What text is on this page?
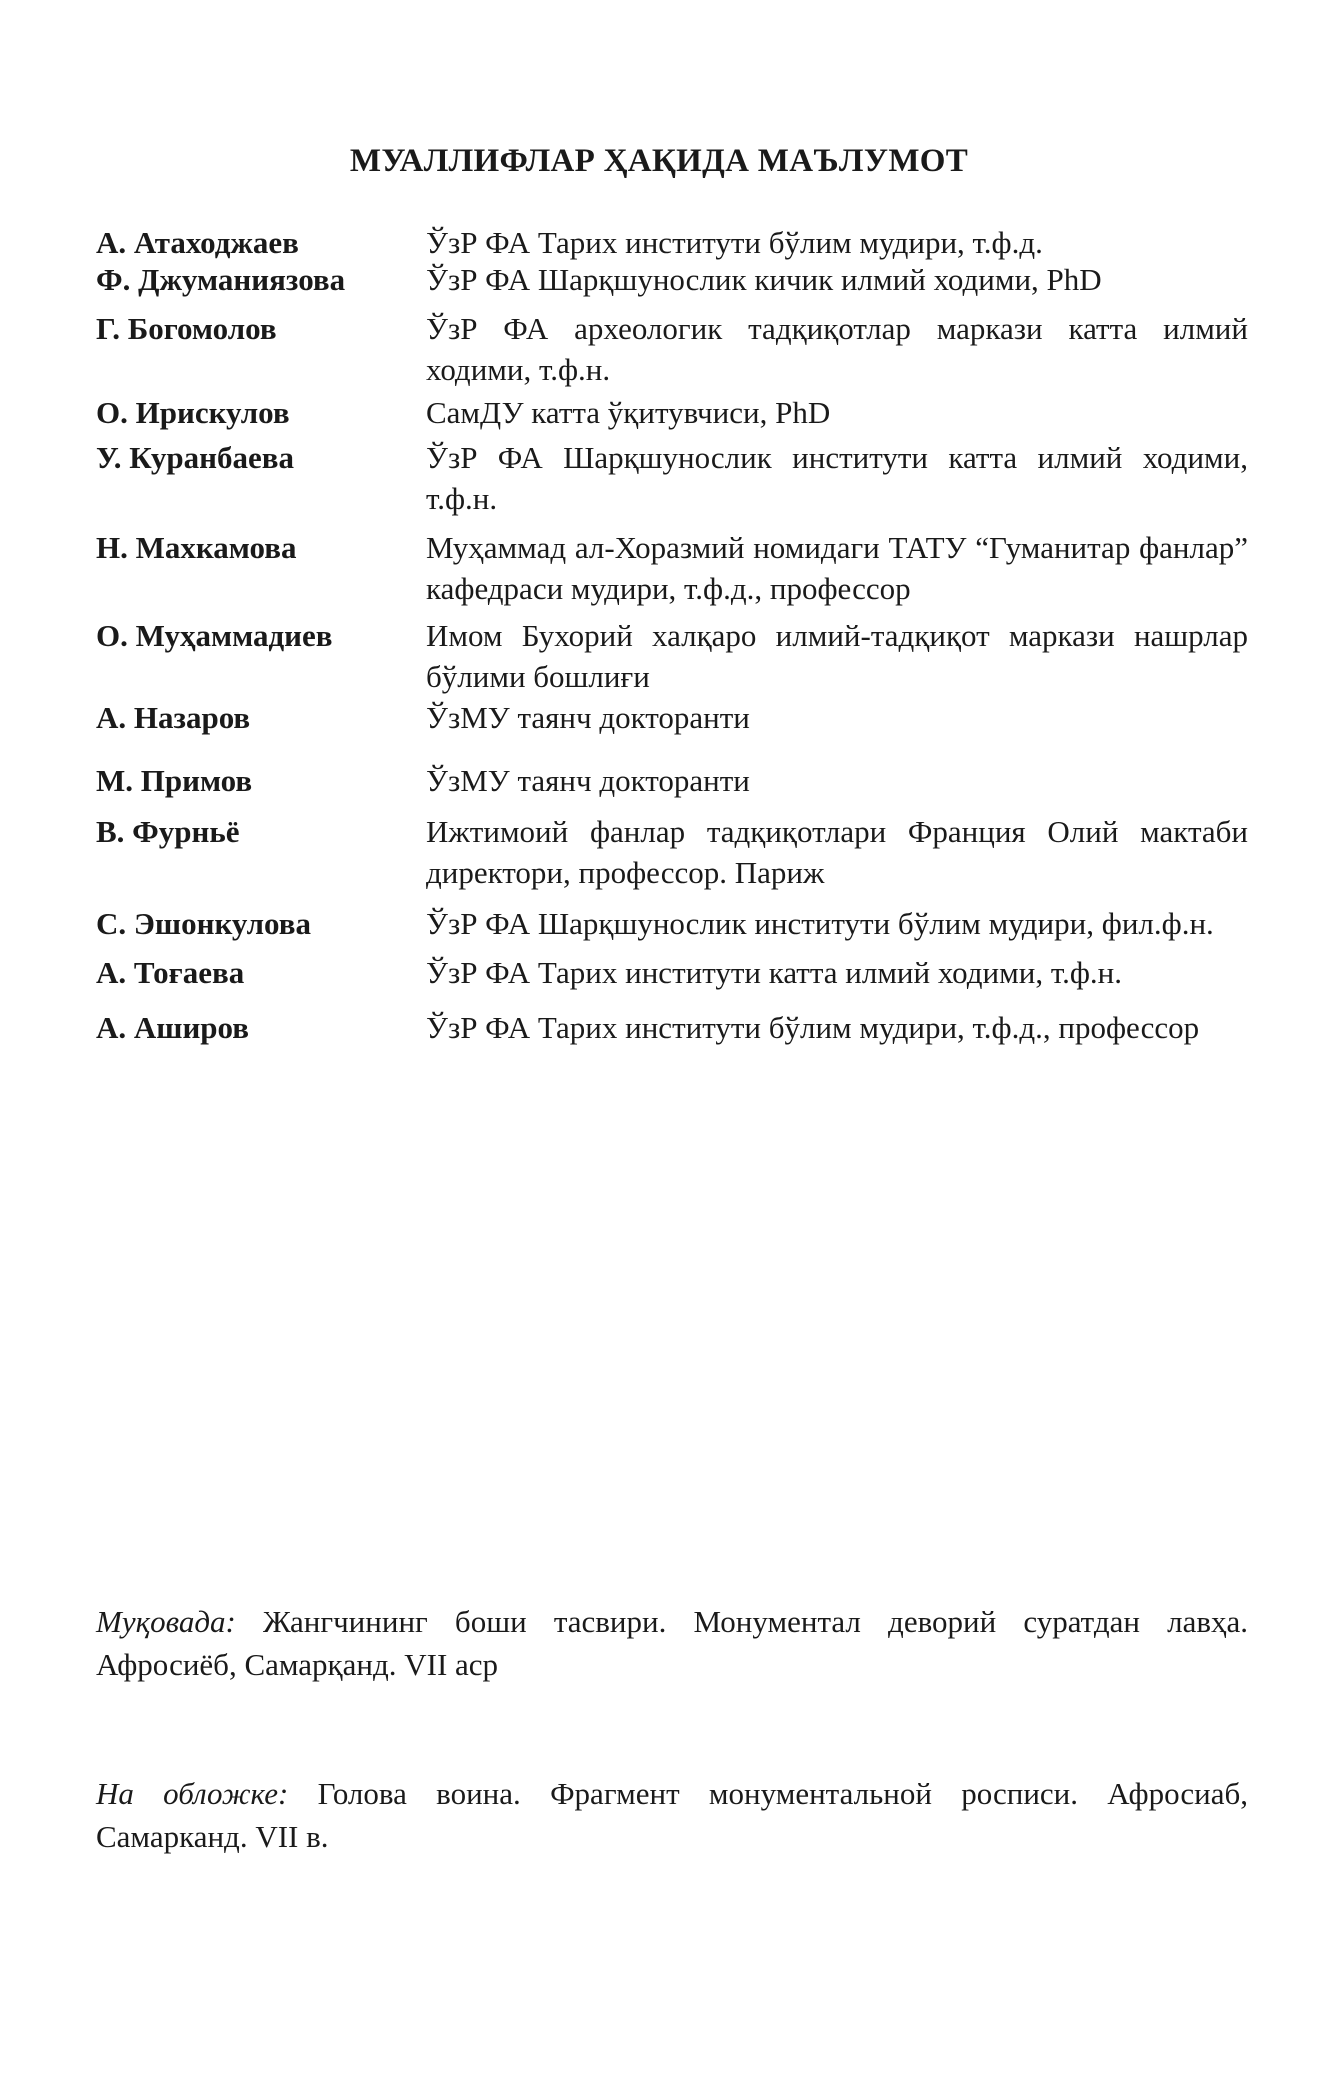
МУАЛЛИФЛАР ҲАҚИДА МАЪЛУМОТ
А. Атаходжаев	ЎзР ФА Тарих институти бўлим мудири, т.ф.д.
Ф. Джуманиязова	ЎзР ФА Шарқшунослик кичик илмий ходими, PhD
Г. Богомолов	ЎзР ФА археологик тадқиқотлар маркази катта илмий ходими, т.ф.н.
О. Ирискулов	СамДУ катта ўқитувчиси, PhD
У. Куранбаева	ЎзР ФА Шарқшунослик институти катта илмий ходими, т.ф.н.
Н. Махкамова	Муҳаммад ал-Хоразмий номидаги ТАТУ “Гуманитар фанлар” кафедраси мудири, т.ф.д., профессор
О. Муҳаммадиев	Имом Бухорий халқаро илмий-тадқиқот маркази нашрлар бўлими бошлиғи
А. Назаров	ЎзМУ таянч докторанти
М. Примов	ЎзМУ таянч докторанти
В. Фурньё	Ижтимоий фанлар тадқиқотлари Франция Олий мактаби директори, профессор. Париж
С. Эшонкулова	ЎзР ФА Шарқшунослик институти бўлим мудири, фил.ф.н.
А. Тоғаева	ЎзР ФА Тарих институти катта илмий ходими, т.ф.н.
А. Аширов	ЎзР ФА Тарих институти бўлим мудири, т.ф.д., профессор

Муқовада: Жангчининг боши тасвири. Монументал деворий суратдан лавҳа. Афросиёб, Самарқанд. VII аср

На обложке: Голова воина. Фрагмент монументальной росписи. Афросиаб, Самарканд. VII в.
